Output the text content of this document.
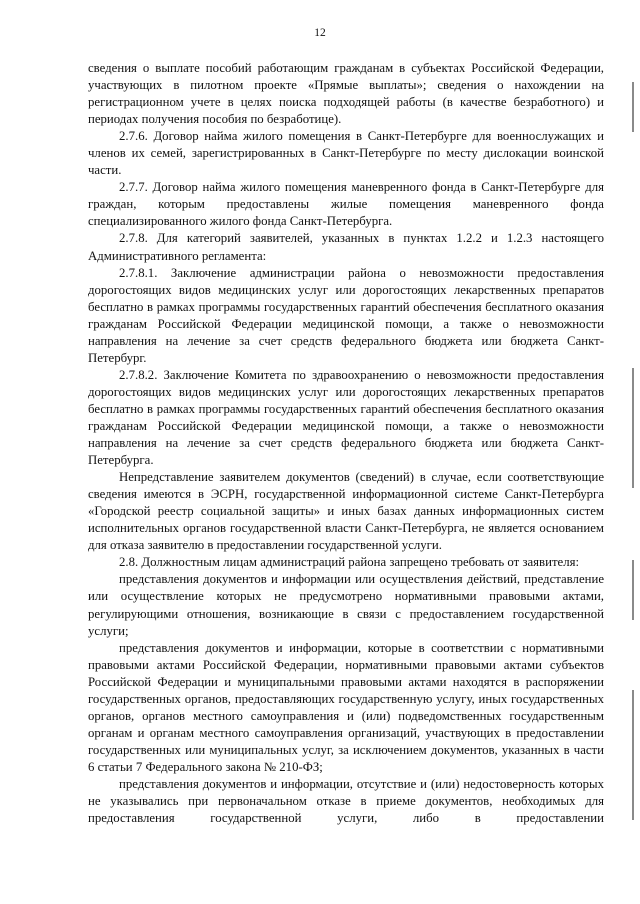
12

сведения о выплате пособий работающим гражданам в субъектах Российской Федерации, участвующих в пилотном проекте «Прямые выплаты»; сведения о нахождении на регистрационном учете в целях поиска подходящей работы (в качестве безработного) и периодах получения пособия по безработице).

2.7.6. Договор найма жилого помещения в Санкт-Петербурге для военнослужащих и членов их семей, зарегистрированных в Санкт-Петербурге по месту дислокации воинской части.

2.7.7. Договор найма жилого помещения маневренного фонда в Санкт-Петербурге для граждан, которым предоставлены жилые помещения маневренного фонда специализированного жилого фонда Санкт-Петербурга.

2.7.8. Для категорий заявителей, указанных в пунктах 1.2.2 и 1.2.3 настоящего Административного регламента:

2.7.8.1. Заключение администрации района о невозможности предоставления дорогостоящих видов медицинских услуг или дорогостоящих лекарственных препаратов бесплатно в рамках программы государственных гарантий обеспечения бесплатного оказания гражданам Российской Федерации медицинской помощи, а также о невозможности направления на лечение за счет средств федерального бюджета или бюджета Санкт-Петербург.

2.7.8.2. Заключение Комитета по здравоохранению о невозможности предоставления дорогостоящих видов медицинских услуг или дорогостоящих лекарственных препаратов бесплатно в рамках программы государственных гарантий обеспечения бесплатного оказания гражданам Российской Федерации медицинской помощи, а также о невозможности направления на лечение за счет средств федерального бюджета или бюджета Санкт-Петербурга.

Непредставление заявителем документов (сведений) в случае, если соответствующие сведения имеются в ЭСРН, государственной информационной системе Санкт-Петербурга «Городской реестр социальной защиты» и иных базах данных информационных систем исполнительных органов государственной власти Санкт-Петербурга, не является основанием для отказа заявителю в предоставлении государственной услуги.

2.8. Должностным лицам администраций района запрещено требовать от заявителя:

представления документов и информации или осуществления действий, представление или осуществление которых не предусмотрено нормативными правовыми актами, регулирующими отношения, возникающие в связи с предоставлением государственной услуги;

представления документов и информации, которые в соответствии с нормативными правовыми актами Российской Федерации, нормативными правовыми актами субъектов Российской Федерации и муниципальными правовыми актами находятся в распоряжении государственных органов, предоставляющих государственную услугу, иных государственных органов, органов местного самоуправления и (или) подведомственных государственным органам и органам местного самоуправления организаций, участвующих в предоставлении государственных или муниципальных услуг, за исключением документов, указанных в части 6 статьи 7 Федерального закона № 210-ФЗ;

представления документов и информации, отсутствие и (или) недостоверность которых не указывались при первоначальном отказе в приеме документов, необходимых для предоставления государственной услуги, либо в предоставлении
